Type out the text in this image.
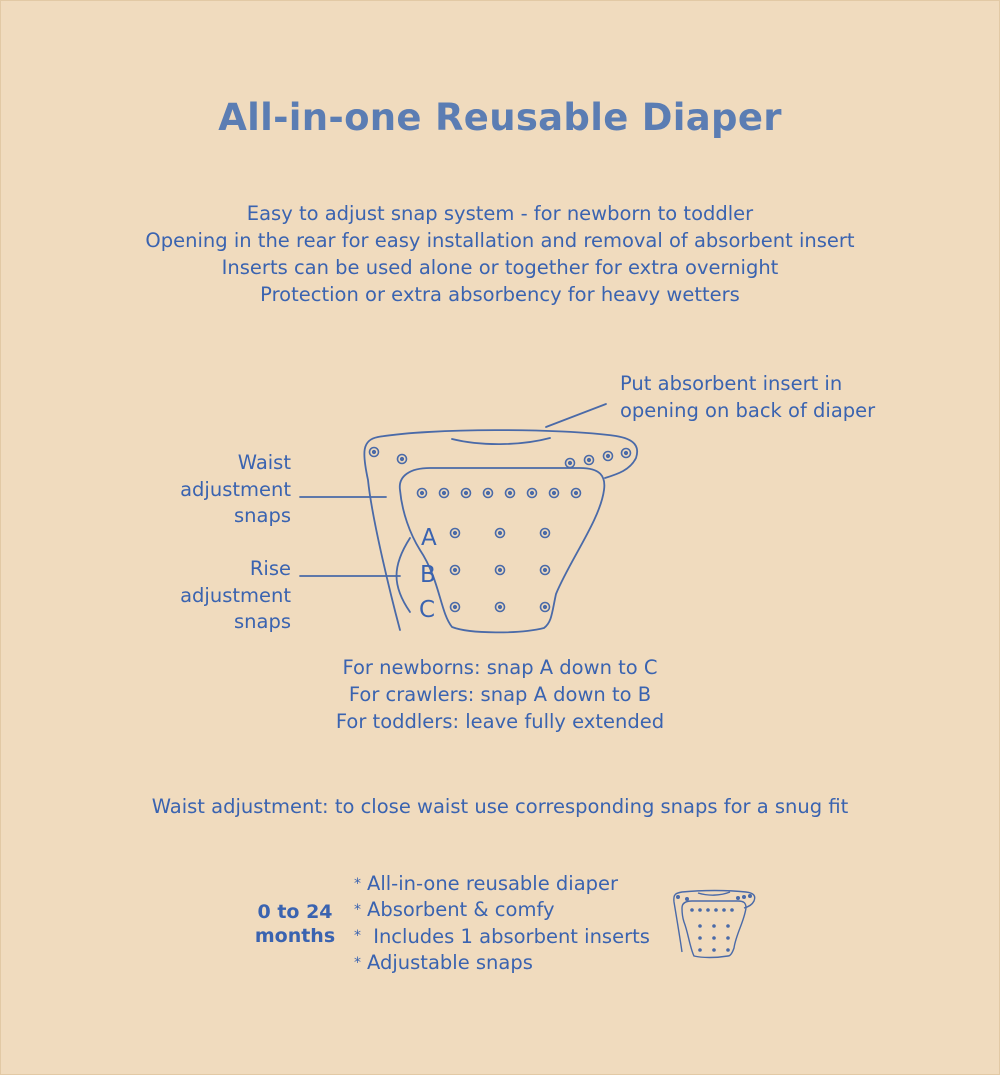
All-in-one Reusable Diaper
Easy to adjust snap system - for newborn to toddler
Opening in the rear for easy installation and removal of absorbent insert
Inserts can be used alone or together for extra overnight
Protection or extra absorbency for heavy wetters
A
B
C
Put absorbent insert in
opening on back of diaper
Waist
adjustment
snaps
Rise
adjustment
snaps
For newborns: snap A down to C
For crawlers: snap A down to B
For toddlers: leave fully extended
Waist adjustment: to close waist use corresponding snaps for a snug fit
0 to 24
months
* All-in-one reusable diaper
* Absorbent & comfy
* Includes 1 absorbent inserts
* Adjustable snaps
